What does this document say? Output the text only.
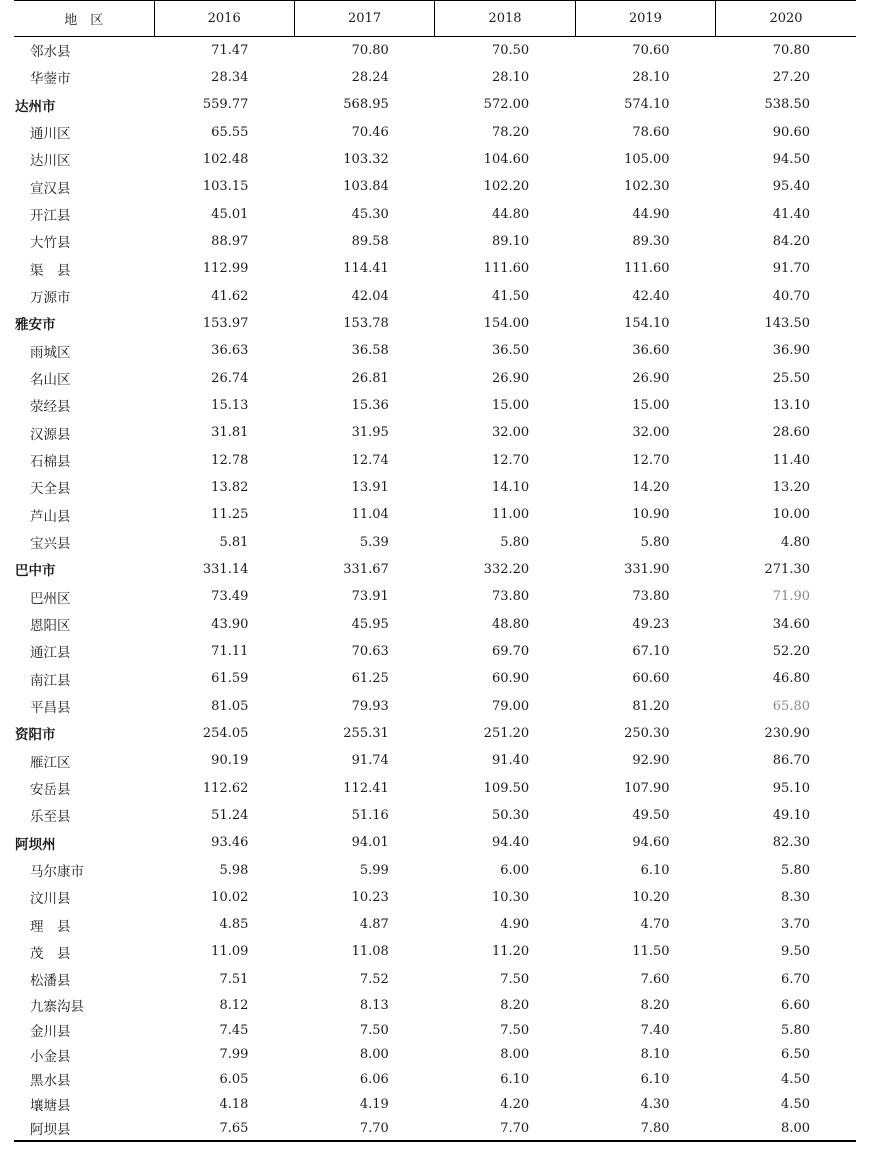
地　区	2016	2017	2018	2019	2020
邻水县	71.47	70.80	70.50	70.60	70.80
华蓥市	28.34	28.24	28.10	28.10	27.20
达州市	559.77	568.95	572.00	574.10	538.50
通川区	65.55	70.46	78.20	78.60	90.60
达川区	102.48	103.32	104.60	105.00	94.50
宣汉县	103.15	103.84	102.20	102.30	95.40
开江县	45.01	45.30	44.80	44.90	41.40
大竹县	88.97	89.58	89.10	89.30	84.20
渠　县	112.99	114.41	111.60	111.60	91.70
万源市	41.62	42.04	41.50	42.40	40.70
雅安市	153.97	153.78	154.00	154.10	143.50
雨城区	36.63	36.58	36.50	36.60	36.90
名山区	26.74	26.81	26.90	26.90	25.50
荥经县	15.13	15.36	15.00	15.00	13.10
汉源县	31.81	31.95	32.00	32.00	28.60
石棉县	12.78	12.74	12.70	12.70	11.40
天全县	13.82	13.91	14.10	14.20	13.20
芦山县	11.25	11.04	11.00	10.90	10.00
宝兴县	5.81	5.39	5.80	5.80	4.80
巴中市	331.14	331.67	332.20	331.90	271.30
巴州区	73.49	73.91	73.80	73.80	71.90
恩阳区	43.90	45.95	48.80	49.23	34.60
通江县	71.11	70.63	69.70	67.10	52.20
南江县	61.59	61.25	60.90	60.60	46.80
平昌县	81.05	79.93	79.00	81.20	65.80
资阳市	254.05	255.31	251.20	250.30	230.90
雁江区	90.19	91.74	91.40	92.90	86.70
安岳县	112.62	112.41	109.50	107.90	95.10
乐至县	51.24	51.16	50.30	49.50	49.10
阿坝州	93.46	94.01	94.40	94.60	82.30
马尔康市	5.98	5.99	6.00	6.10	5.80
汶川县	10.02	10.23	10.30	10.20	8.30
理　县	4.85	4.87	4.90	4.70	3.70
茂　县	11.09	11.08	11.20	11.50	9.50
松潘县	7.51	7.52	7.50	7.60	6.70
九寨沟县	8.12	8.13	8.20	8.20	6.60
金川县	7.45	7.50	7.50	7.40	5.80
小金县	7.99	8.00	8.00	8.10	6.50
黑水县	6.05	6.06	6.10	6.10	4.50
壤塘县	4.18	4.19	4.20	4.30	4.50
阿坝县	7.65	7.70	7.70	7.80	8.00
